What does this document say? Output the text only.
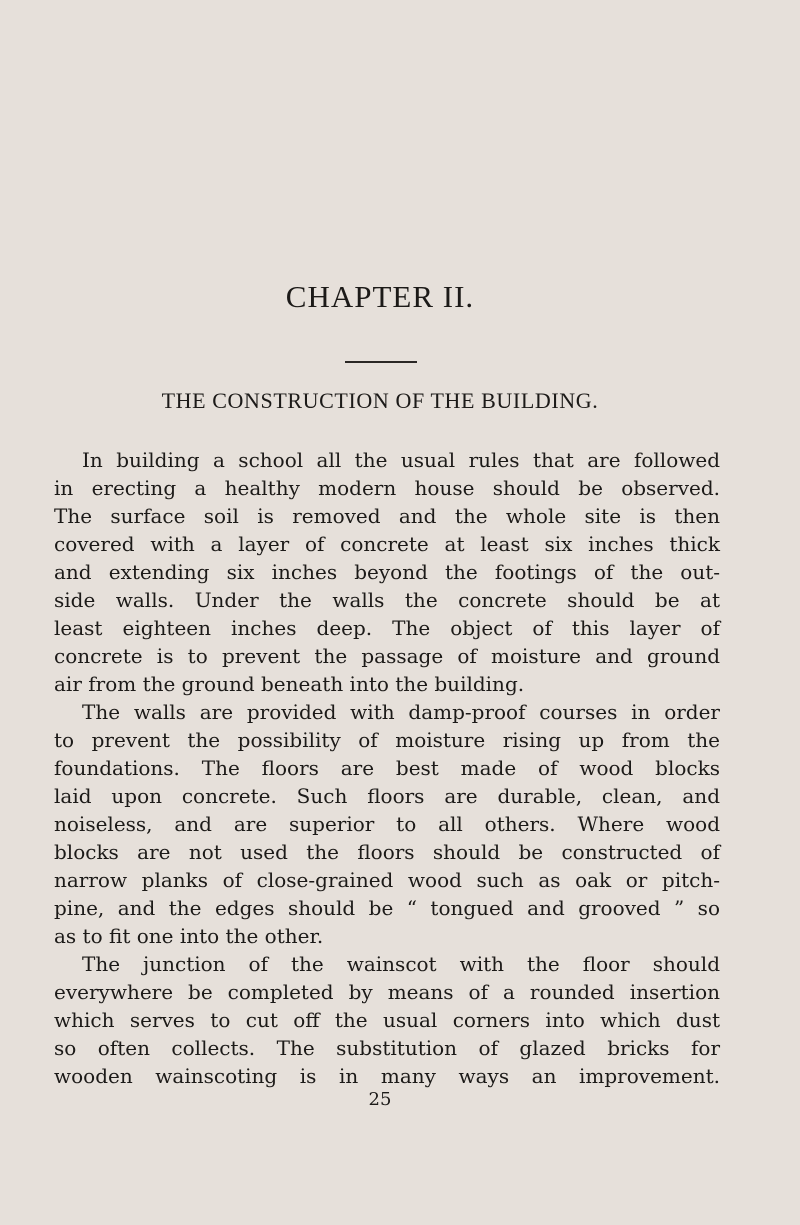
CHAPTER II.
THE CONSTRUCTION OF THE BUILDING.
In building a school all the usual rules that are followed
in erecting a healthy modern house should be observed.
The surface soil is removed and the whole site is then
covered with a layer of concrete at least six inches thick
and extending six inches beyond the footings of the out-
side walls. Under the walls the concrete should be at
least eighteen inches deep. The object of this layer of
concrete is to prevent the passage of moisture and ground
air from the ground beneath into the building.
The walls are provided with damp-proof courses in order
to prevent the possibility of moisture rising up from the
foundations. The floors are best made of wood blocks
laid upon concrete. Such floors are durable, clean, and
noiseless, and are superior to all others. Where wood
blocks are not used the floors should be constructed of
narrow planks of close-grained wood such as oak or pitch-
pine, and the edges should be “ tongued and grooved ” so
as to fit one into the other.
The junction of the wainscot with the floor should
everywhere be completed by means of a rounded insertion
which serves to cut off the usual corners into which dust
so often collects. The substitution of glazed bricks for
wooden wainscoting is in many ways an improvement.
25
